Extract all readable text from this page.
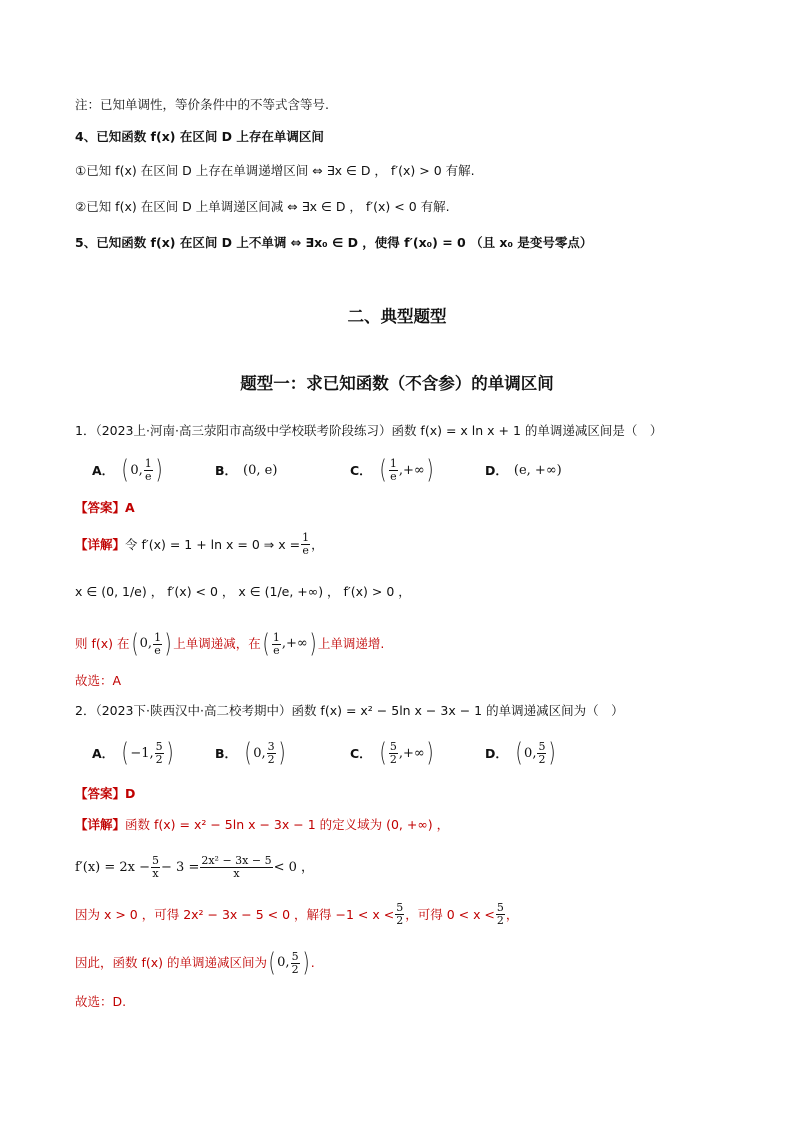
注：已知单调性，等价条件中的不等式含等号.
4、已知函数 f(x) 在区间 D 上存在单调区间
①已知 f(x) 在区间 D 上存在单调递增区间 ⇔ ∃x ∈ D ， f′(x) > 0 有解.
②已知 f(x) 在区间 D 上单调递区间减 ⇔ ∃x ∈ D ， f′(x) < 0 有解.
5、已知函数 f(x) 在区间 D 上不单调 ⇔ ∃x₀ ∈ D ，使得 f′(x₀) = 0 （且 x₀ 是变号零点）
二、典型题型
题型一：求已知函数（不含参）的单调区间
1．（2023上·河南·高三荥阳市高级中学校联考阶段练习）函数 f(x) = x ln x + 1 的单调递减区间是（　）
A． ( 0, $\frac{1}{e}$ )	B． (0, e)	C． ( $\frac{1}{e}$ ,+∞ )	D． (e, +∞)
【答案】A
【详解】 令 f′(x) = 1 + ln x = 0 ⇒ $x = \frac{1}{e}$ ，
x ∈ (0, 1/e) ， f′(x) < 0 ， x ∈ (1/e, +∞) ， f′(x) > 0 ，
则 f(x) 在 ( 0, $\frac{1}{e}$ ) 上单调递减，在 ( $\frac{1}{e}$ ,+∞ ) 上单调递增.
故选：A
2．（2023下·陕西汉中·高二校考期中）函数 f(x) = x² − 5ln x − 3x − 1 的单调递减区间为（　）
A． ( −1, $\frac{5}{2}$ )	B． ( 0, $\frac{3}{2}$ )	C． ( $\frac{5}{2}$ ,+∞ )	D． ( 0, $\frac{5}{2}$ )
【答案】D
【详解】函数 f(x) = x² − 5ln x − 3x − 1 的定义域为 (0, +∞) ，
$f'(x) = 2x - \frac{5}{x} - 3 = \frac{\text{2x² − 3x − 5}}{x} < 0$ ，
因为 x > 0 ，可得 2x² − 3x − 5 < 0 ，解得 $-1 < x < \frac{5}{2}$ ，可得 $0 < x < \frac{5}{2}$ ，
因此，函数 f(x) 的单调递减区间为 ( 0, $\frac{5}{2}$ ) .
故选：D.
